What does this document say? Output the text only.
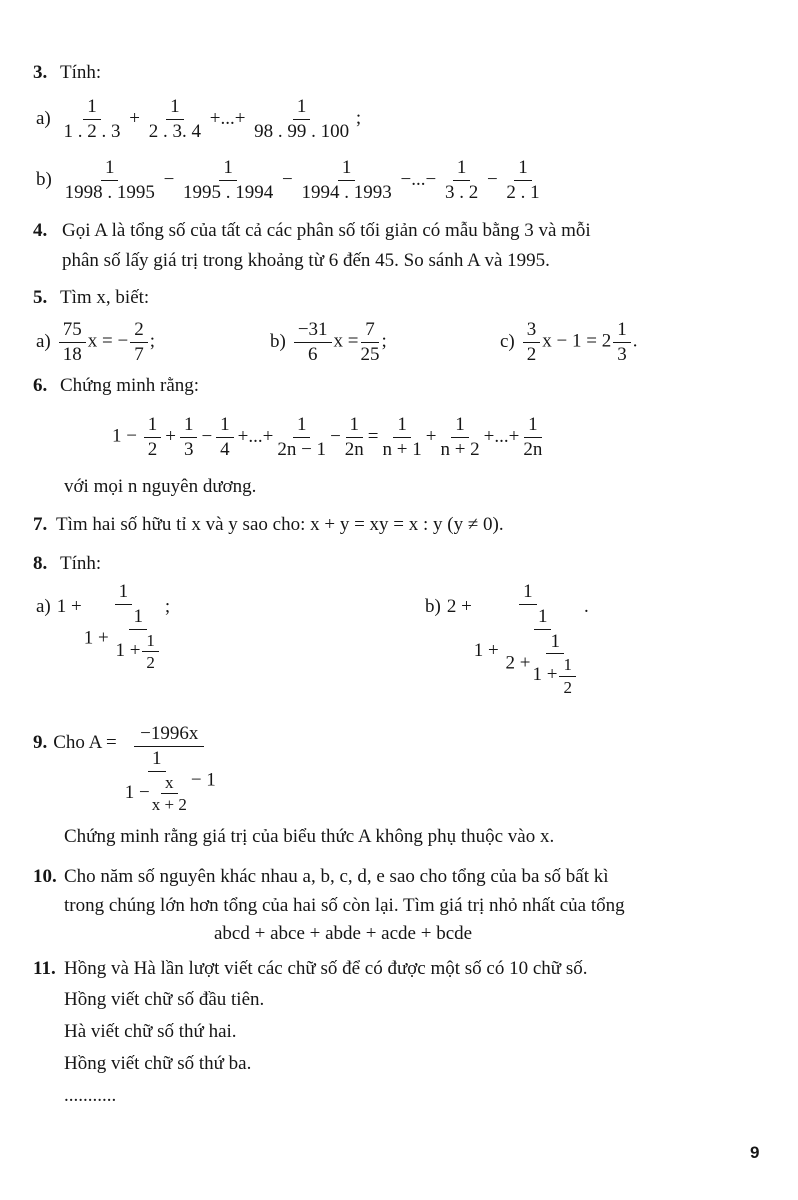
3. Tính:
$a) \frac{1}{1 . 2 . 3} + \frac{1}{2 . 3. 4}$ +...+ $\frac{1}{98 . 99 . 100}$ ;
$b) \frac{1}{1998 . 1995} - \frac{1}{1995 . 1994} - \frac{1}{1994 . 1993}$ −...− $\frac{1}{3 . 2} - \frac{1}{2 . 1}$
4. Gọi A là tổng số của tất cả các phân số tối giản có mẫu bằng 3 và mỗi
phân số lấy giá trị trong khoảng từ 6 đến 45. So sánh A và 1995.
5. Tìm x, biết:
$a) \frac{75}{18}$ x = − $\frac{2}{7}$ ;	$b) \frac{-31}{6}$ $x = \frac{7}{25}$ ;	$c) \frac{3}{2}$ $x - 1 = 2 \frac{1}{3}$ .
6. Chứng minh rằng:
$1 - \frac{1}{2} + \frac{1}{3} - \frac{1}{4}$ +...+ $\frac{1}{2n - 1} - \frac{1}{2n} = \frac{1}{n + 1} + \frac{1}{n + 2}$ +...+ $\frac{1}{2n}$
với mọi n nguyên dương.
7. Tìm hai số hữu tỉ x và y sao cho: x + y = xy = x : y (y ≠ 0).
8. Tính:
a) $1 + \frac{1}{1 + \frac{1}{1 + \frac{1}{2}}}$ ;	b) $2 + \frac{1}{1 + \frac{1}{2 + \frac{1}{1 + \frac{1}{2}}}}$ .
9. Cho $A = \frac{-1996x}{\frac{1}{1 - \frac{x}{x + 2}} - 1}$
Chứng minh rằng giá trị của biểu thức A không phụ thuộc vào x.
10. Cho năm số nguyên khác nhau a, b, c, d, e sao cho tổng của ba số bất kì
trong chúng lớn hơn tổng của hai số còn lại. Tìm giá trị nhỏ nhất của tổng
abcd + abce + abde + acde + bcde
11. Hồng và Hà lần lượt viết các chữ số để có được một số có 10 chữ số.
Hồng viết chữ số đầu tiên.
Hà viết chữ số thứ hai.
Hồng viết chữ số thứ ba.
...........
9
